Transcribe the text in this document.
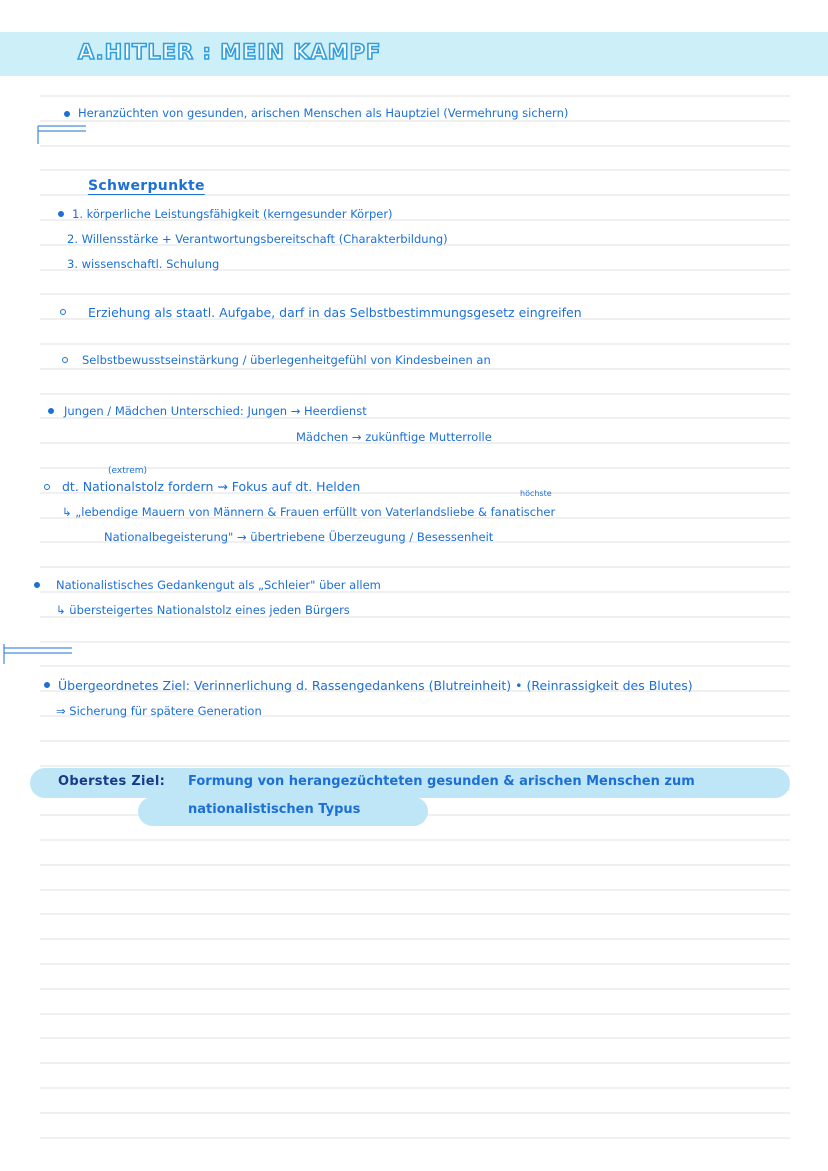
A.HITLER : MEIN KAMPF
Heranzüchten von gesunden, arischen Menschen als Hauptziel (Vermehrung sichern)
Schwerpunkte
1. körperliche Leistungsfähigkeit (kerngesunder Körper)
2. Willensstärke + Verantwortungsbereitschaft (Charakterbildung)
3. wissenschaftl. Schulung
Erziehung als staatl. Aufgabe, darf in das Selbstbestimmungsgesetz eingreifen
Selbstbewusstseinstärkung / überlegenheitgefühl von Kindesbeinen an
Jungen / Mädchen Unterschied: Jungen → Heerdienst
Mädchen → zukünftige Mutterrolle
(extrem)
dt. Nationalstolz fordern ⇝ Fokus auf dt. Helden	höchste
↳ „lebendige Mauern von Männern & Frauen erfüllt von Vaterlandsliebe & fanatischer
Nationalbegeisterung" → übertriebene Überzeugung / Besessenheit
Nationalistisches Gedankengut als „Schleier" über allem
↳ übersteigertes Nationalstolz eines jeden Bürgers
Übergeordnetes Ziel: Verinnerlichung d. Rassengedankens (Blutreinheit) • (Reinrassigkeit des Blutes)
⇒ Sicherung für spätere Generation
Oberstes Ziel: Formung von herangezüchteten gesunden & arischen Menschen zum
nationalistischen Typus
